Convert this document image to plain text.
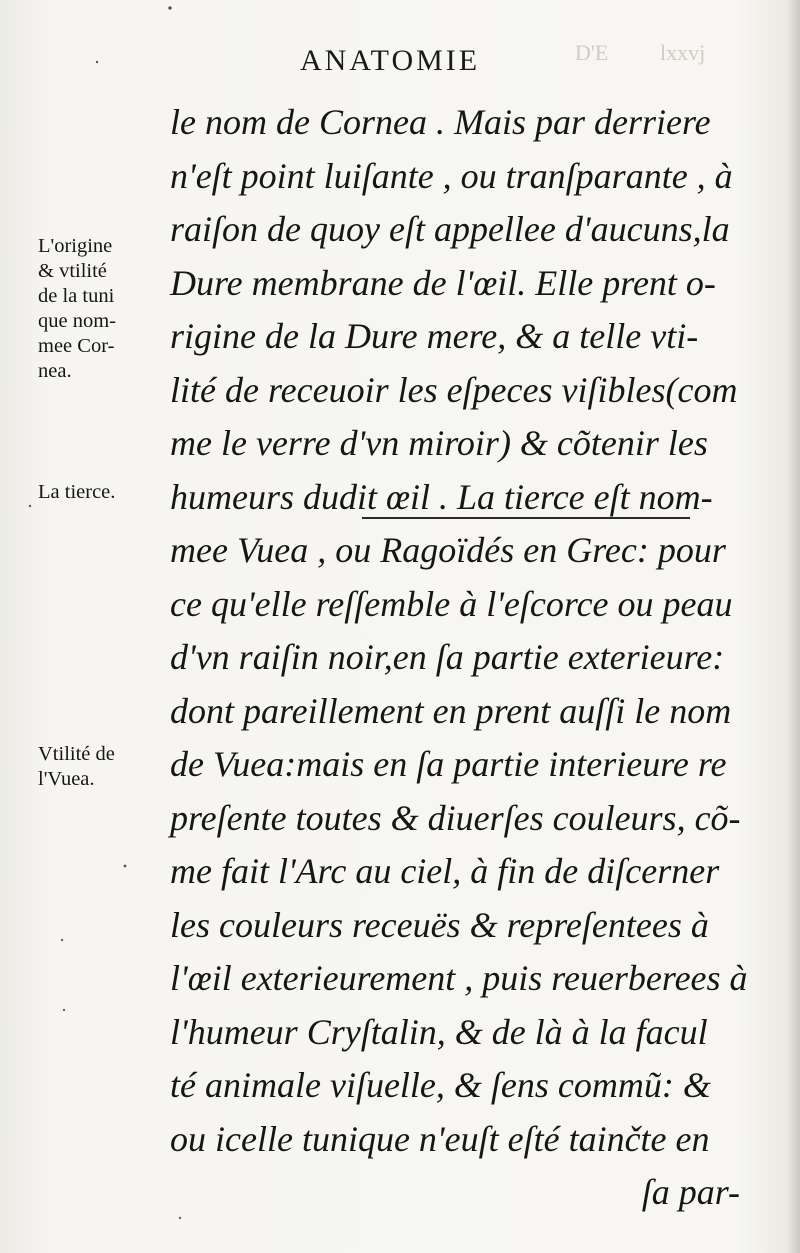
D'E lxxvj
ANATOMIE
L'origine
& vtilité
de la tuni
que nom-
mee Cor-
nea.
La tierce.
Vtilité de
l'Vuea.
le nom de Cornea . Mais par derriere
n'eſt point luiſante , ou tranſparante , à
raiſon de quoy eſt appellee d'aucuns,la
Dure membrane de l'œil. Elle prent o-
rigine de la Dure mere, & a telle vti-
lité de receuoir les eſpeces viſibles(com
me le verre d'vn miroir) & cõtenir les
humeurs dudit œil . La tierce eſt nom-
mee Vuea , ou Ragoïdés en Grec: pour
ce qu'elle reſſemble à l'eſcorce ou peau
d'vn raiſin noir,en ſa partie exterieure:
dont pareillement en prent auſſi le nom
de Vuea:mais en ſa partie interieure re
preſente toutes & diuerſes couleurs, cõ-
me fait l'Arc au ciel, à fin de diſcerner
les couleurs receuës & repreſentees à
l'œil exterieurement , puis reuerberees à
l'humeur Cryſtalin, & de là à la facul
té animale viſuelle, & ſens commũ: &
ou icelle tunique n'euſt eſté tainčte en
ſa par-
